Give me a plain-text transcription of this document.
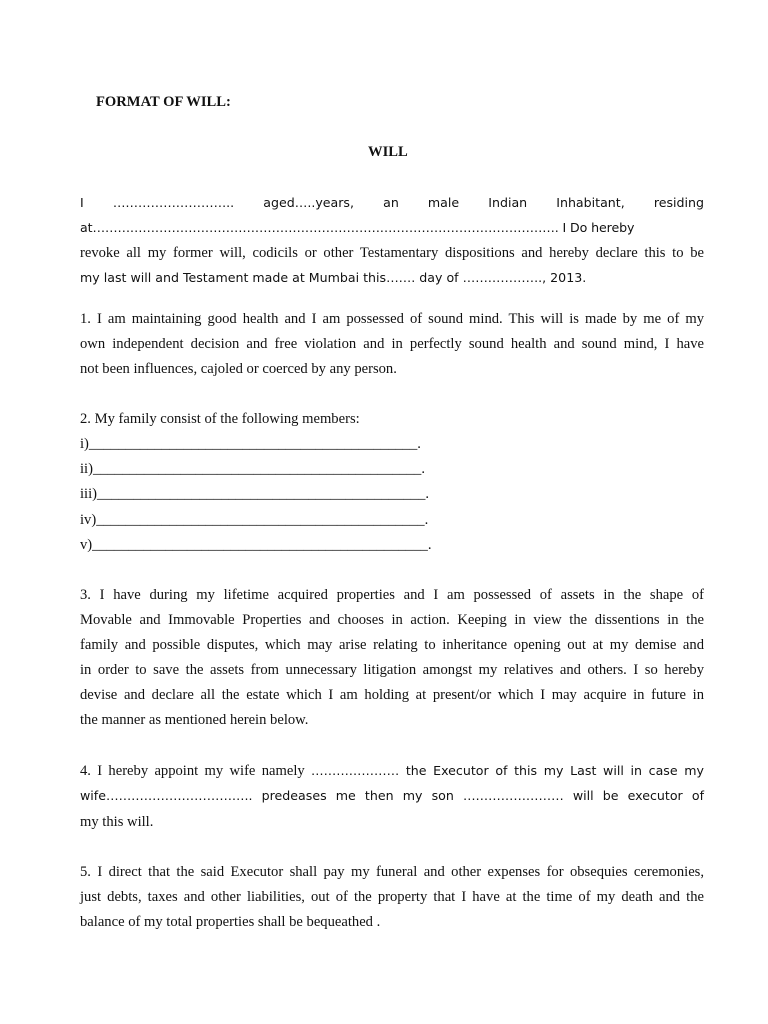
FORMAT OF WILL:
WILL
I ……………………….. aged…..years, an male Indian Inhabitant, residing
at…………………………………………………………………………………………………. I Do hereby
revoke all my former will, codicils or other Testamentary dispositions and hereby declare this to be
my last will and Testament made at Mumbai this……. day of ………………., 2013.
1. I am maintaining good health and I am possessed of sound mind. This will is made by me of my
own independent decision and free violation and in perfectly sound health and sound mind, I have
not been influences, cajoled or coerced by any person.
2. My family consist of the following members:
i)_____________________________________________.
ii)_____________________________________________.
iii)_____________________________________________.
iv)_____________________________________________.
v)______________________________________________.
3. I have during my lifetime acquired properties and I am possessed of assets in the shape of
Movable and Immovable Properties and chooses in action. Keeping in view the dissentions in the
family and possible disputes, which may arise relating to inheritance opening out at my demise and
in order to save the assets from unnecessary litigation amongst my relatives and others. I so hereby
devise and declare all the estate which I am holding at present/or which I may acquire in future in
the manner as mentioned herein below.
4. I hereby appoint my wife namely ………………… the Executor of this my Last will in case my
wife…………………………….. predeases me then my son …………………… will be executor of
my this will.
5. I direct that the said Executor shall pay my funeral and other expenses for obsequies ceremonies,
just debts, taxes and other liabilities, out of the property that I have at the time of my death and the
balance of my total properties shall be bequeathed .
